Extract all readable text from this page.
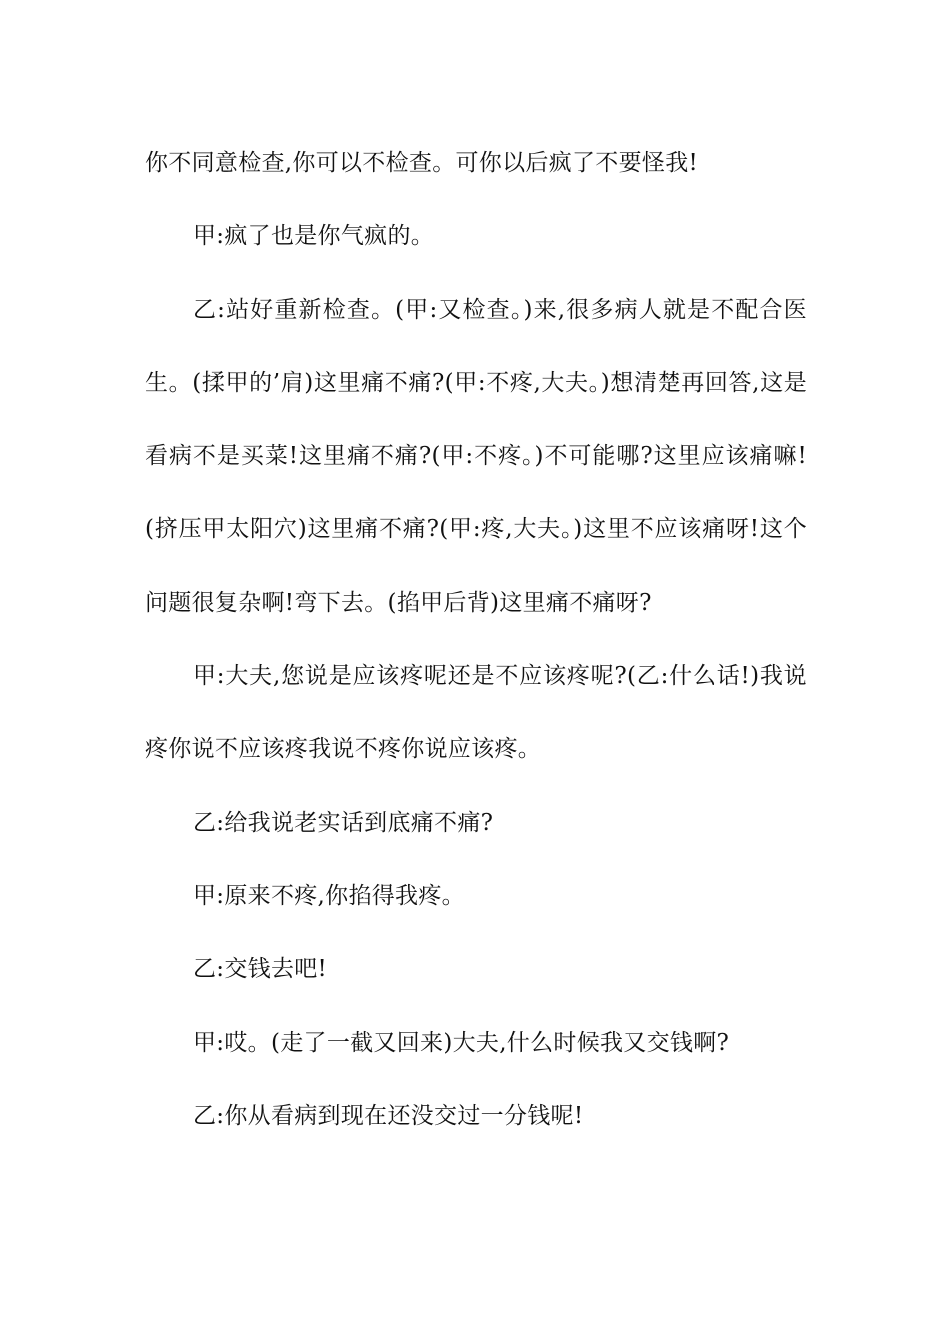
你不同意检查,你可以不检查。可你以后疯了不要怪我!

甲:疯了也是你气疯的。

乙:站好重新检查。(甲:又检查。)来,很多病人就是不配合医生。(揉甲的’肩)这里痛不痛?(甲:不疼,大夫。)想清楚再回答,这是看病不是买菜!这里痛不痛?(甲:不疼。)不可能哪?这里应该痛嘛!(挤压甲太阳穴)这里痛不痛?(甲:疼,大夫。)这里不应该痛呀!这个问题很复杂啊!弯下去。(掐甲后背)这里痛不痛呀?

甲:大夫,您说是应该疼呢还是不应该疼呢?(乙:什么话!)我说疼你说不应该疼我说不疼你说应该疼。

乙:给我说老实话到底痛不痛?

甲:原来不疼,你掐得我疼。

乙:交钱去吧!

甲:哎。(走了一截又回来)大夫,什么时候我又交钱啊?

乙:你从看病到现在还没交过一分钱呢!
